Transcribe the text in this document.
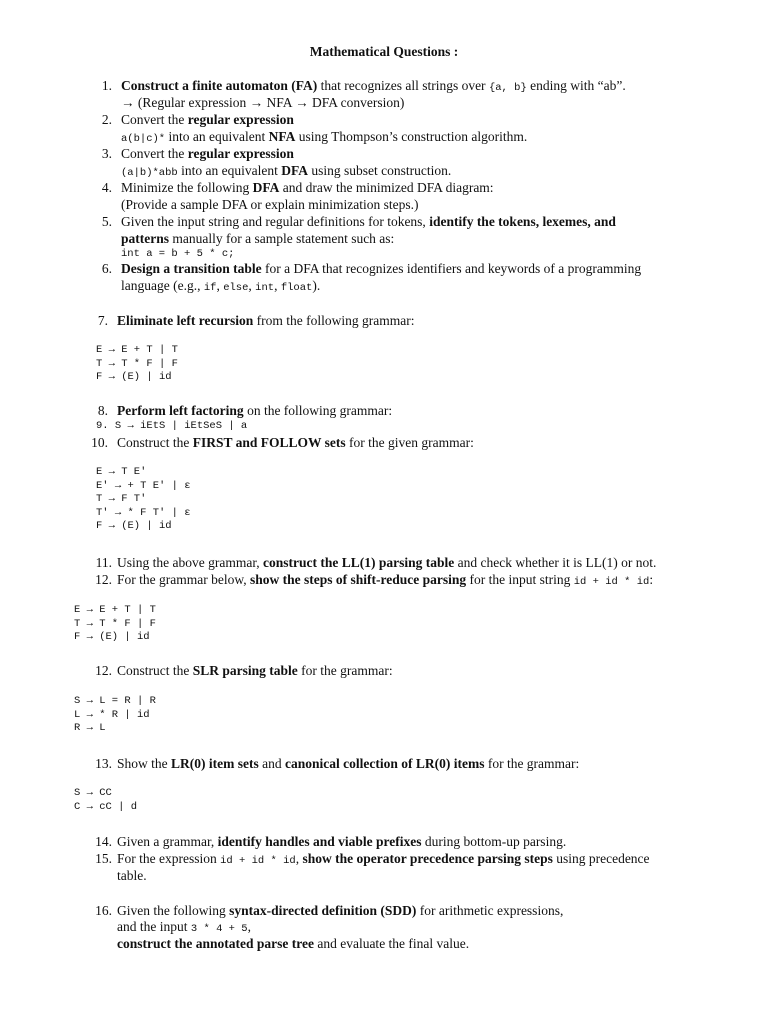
Mathematical Questions :
1. Construct a finite automaton (FA) that recognizes all strings over {a, b} ending with “ab”.
→ (Regular expression → NFA → DFA conversion)
2. Convert the regular expression
a(b|c)* into an equivalent NFA using Thompson’s construction algorithm.
3. Convert the regular expression
(a|b)*abb into an equivalent DFA using subset construction.
4. Minimize the following DFA and draw the minimized DFA diagram:
(Provide a sample DFA or explain minimization steps.)
5. Given the input string and regular definitions for tokens, identify the tokens, lexemes, and
patterns manually for a sample statement such as:
int a = b + 5 * c;
6. Design a transition table for a DFA that recognizes identifiers and keywords of a programming
language (e.g., if, else, int, float).
7. Eliminate left recursion from the following grammar:
E → E + T | T
T → T * F | F
F → (E) | id
8. Perform left factoring on the following grammar:
9. S → iEtS | iEtSeS | a
10. Construct the FIRST and FOLLOW sets for the given grammar:
E → T E'
E' → + T E' | ε
T → F T'
T' → * F T' | ε
F → (E) | id
11. Using the above grammar, construct the LL(1) parsing table and check whether it is LL(1) or not.
12. For the grammar below, show the steps of shift-reduce parsing for the input string id + id * id:
E → E + T | T
T → T * F | F
F → (E) | id
12. Construct the SLR parsing table for the grammar:
S → L = R | R
L → * R | id
R → L
13. Show the LR(0) item sets and canonical collection of LR(0) items for the grammar:
S → CC
C → cC | d
14. Given a grammar, identify handles and viable prefixes during bottom-up parsing.
15. For the expression id + id * id, show the operator precedence parsing steps using precedence
table.
16. Given the following syntax-directed definition (SDD) for arithmetic expressions,
and the input 3 * 4 + 5,
construct the annotated parse tree and evaluate the final value.
